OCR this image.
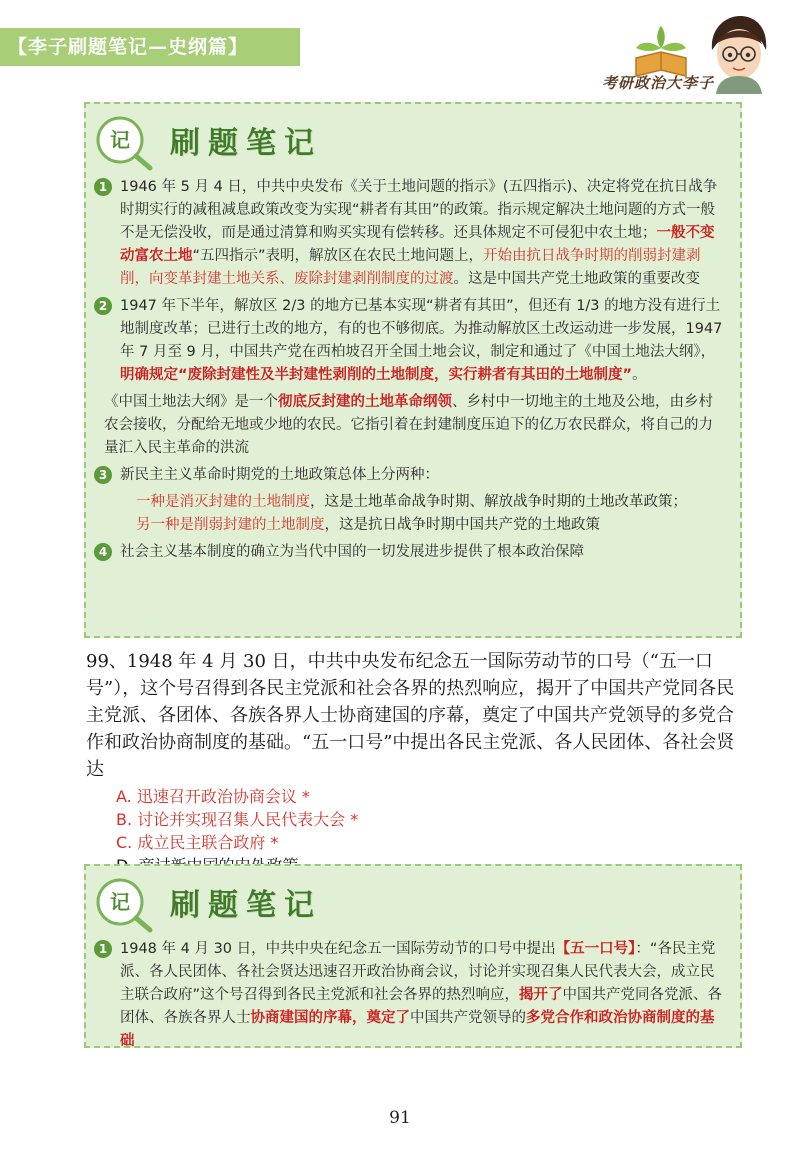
【李子刷题笔记—史纲篇】
考研政治大李子
记 刷题笔记
1 1946 年 5 月 4 日，中共中央发布《关于土地问题的指示》(五四指示)、决定将党在抗日战争时期实行的减租减息政策改变为实现“耕者有其田”的政策。指示规定解决土地问题的方式一般不是无偿没收，而是通过清算和购买实现有偿转移。还具体规定不可侵犯中农土地；一般不变动富农土地“五四指示”表明，解放区在农民土地问题上，开始由抗日战争时期的削弱封建剥削，向变革封建土地关系、废除封建剥削制度的过渡。这是中国共产党土地政策的重要改变
2 1947 年下半年，解放区 2/3 的地方已基本实现“耕者有其田”，但还有 1/3 的地方没有进行土地制度改革；已进行土改的地方，有的也不够彻底。为推动解放区土改运动进一步发展，1947 年 7 月至 9 月，中国共产党在西柏坡召开全国土地会议，制定和通过了《中国土地法大纲》，明确规定“废除封建性及半封建性剥削的土地制度，实行耕者有其田的土地制度”。
《中国土地法大纲》是一个彻底反封建的土地革命纲领、乡村中一切地主的土地及公地，由乡村农会接收，分配给无地或少地的农民。它指引着在封建制度压迫下的亿万农民群众，将自己的力量汇入民主革命的洪流
3 新民主主义革命时期党的土地政策总体上分两种：
一种是消灭封建的土地制度，这是土地革命战争时期、解放战争时期的土地改革政策；
另一种是削弱封建的土地制度，这是抗日战争时期中国共产党的土地政策
4 社会主义基本制度的确立为当代中国的一切发展进步提供了根本政治保障
99、1948 年 4 月 30 日，中共中央发布纪念五一国际劳动节的口号（“五一口号”），这个号召得到各民主党派和社会各界的热烈响应，揭开了中国共产党同各民主党派、各团体、各族各界人士协商建国的序幕，奠定了中国共产党领导的多党合作和政治协商制度的基础。“五一口号”中提出各民主党派、各人民团体、各社会贤达
A. 迅速召开政治协商会议 *
B. 讨论并实现召集人民代表大会 *
C. 成立民主联合政府 *
记 刷题笔记
1 1948 年 4 月 30 日，中共中央在纪念五一国际劳动节的口号中提出【五一口号】：“各民主党派、各人民团体、各社会贤达迅速召开政治协商会议，讨论并实现召集人民代表大会，成立民主联合政府”这个号召得到各民主党派和社会各界的热烈响应，揭开了中国共产党同各党派、各团体、各族各界人士协商建国的序幕，奠定了中国共产党领导的多党合作和政治协商制度的基础
91
